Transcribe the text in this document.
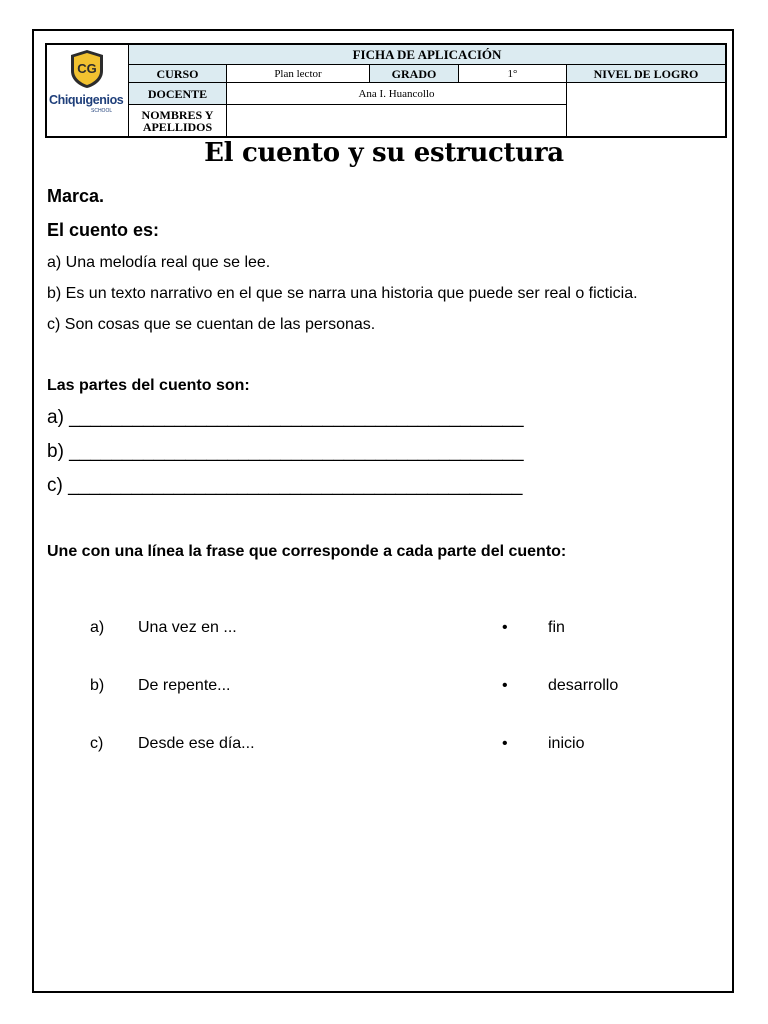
CG
Chiquigenios
SCHOOL
FICHA DE APLICACIÓN
CURSO	Plan lector	GRADO	1°	NIVEL DE LOGRO
DOCENTE	Ana I. Huancollo
NOMBRES Y
APELLIDOS
El cuento y su estructura
Marca.
El cuento es:
a) Una melodía real que se lee.
b) Es un texto narrativo en el que se narra una historia que puede ser real o ficticia.
c) Son cosas que se cuentan de las personas.
Las partes del cuento son:
a) ___________________________________________
b) ___________________________________________
c) ___________________________________________
Une con una línea la frase que corresponde a cada parte del cuento:
a) Una vez en ...	•	fin
b) De repente...	•	desarrollo
c) Desde ese día...	•	inicio
